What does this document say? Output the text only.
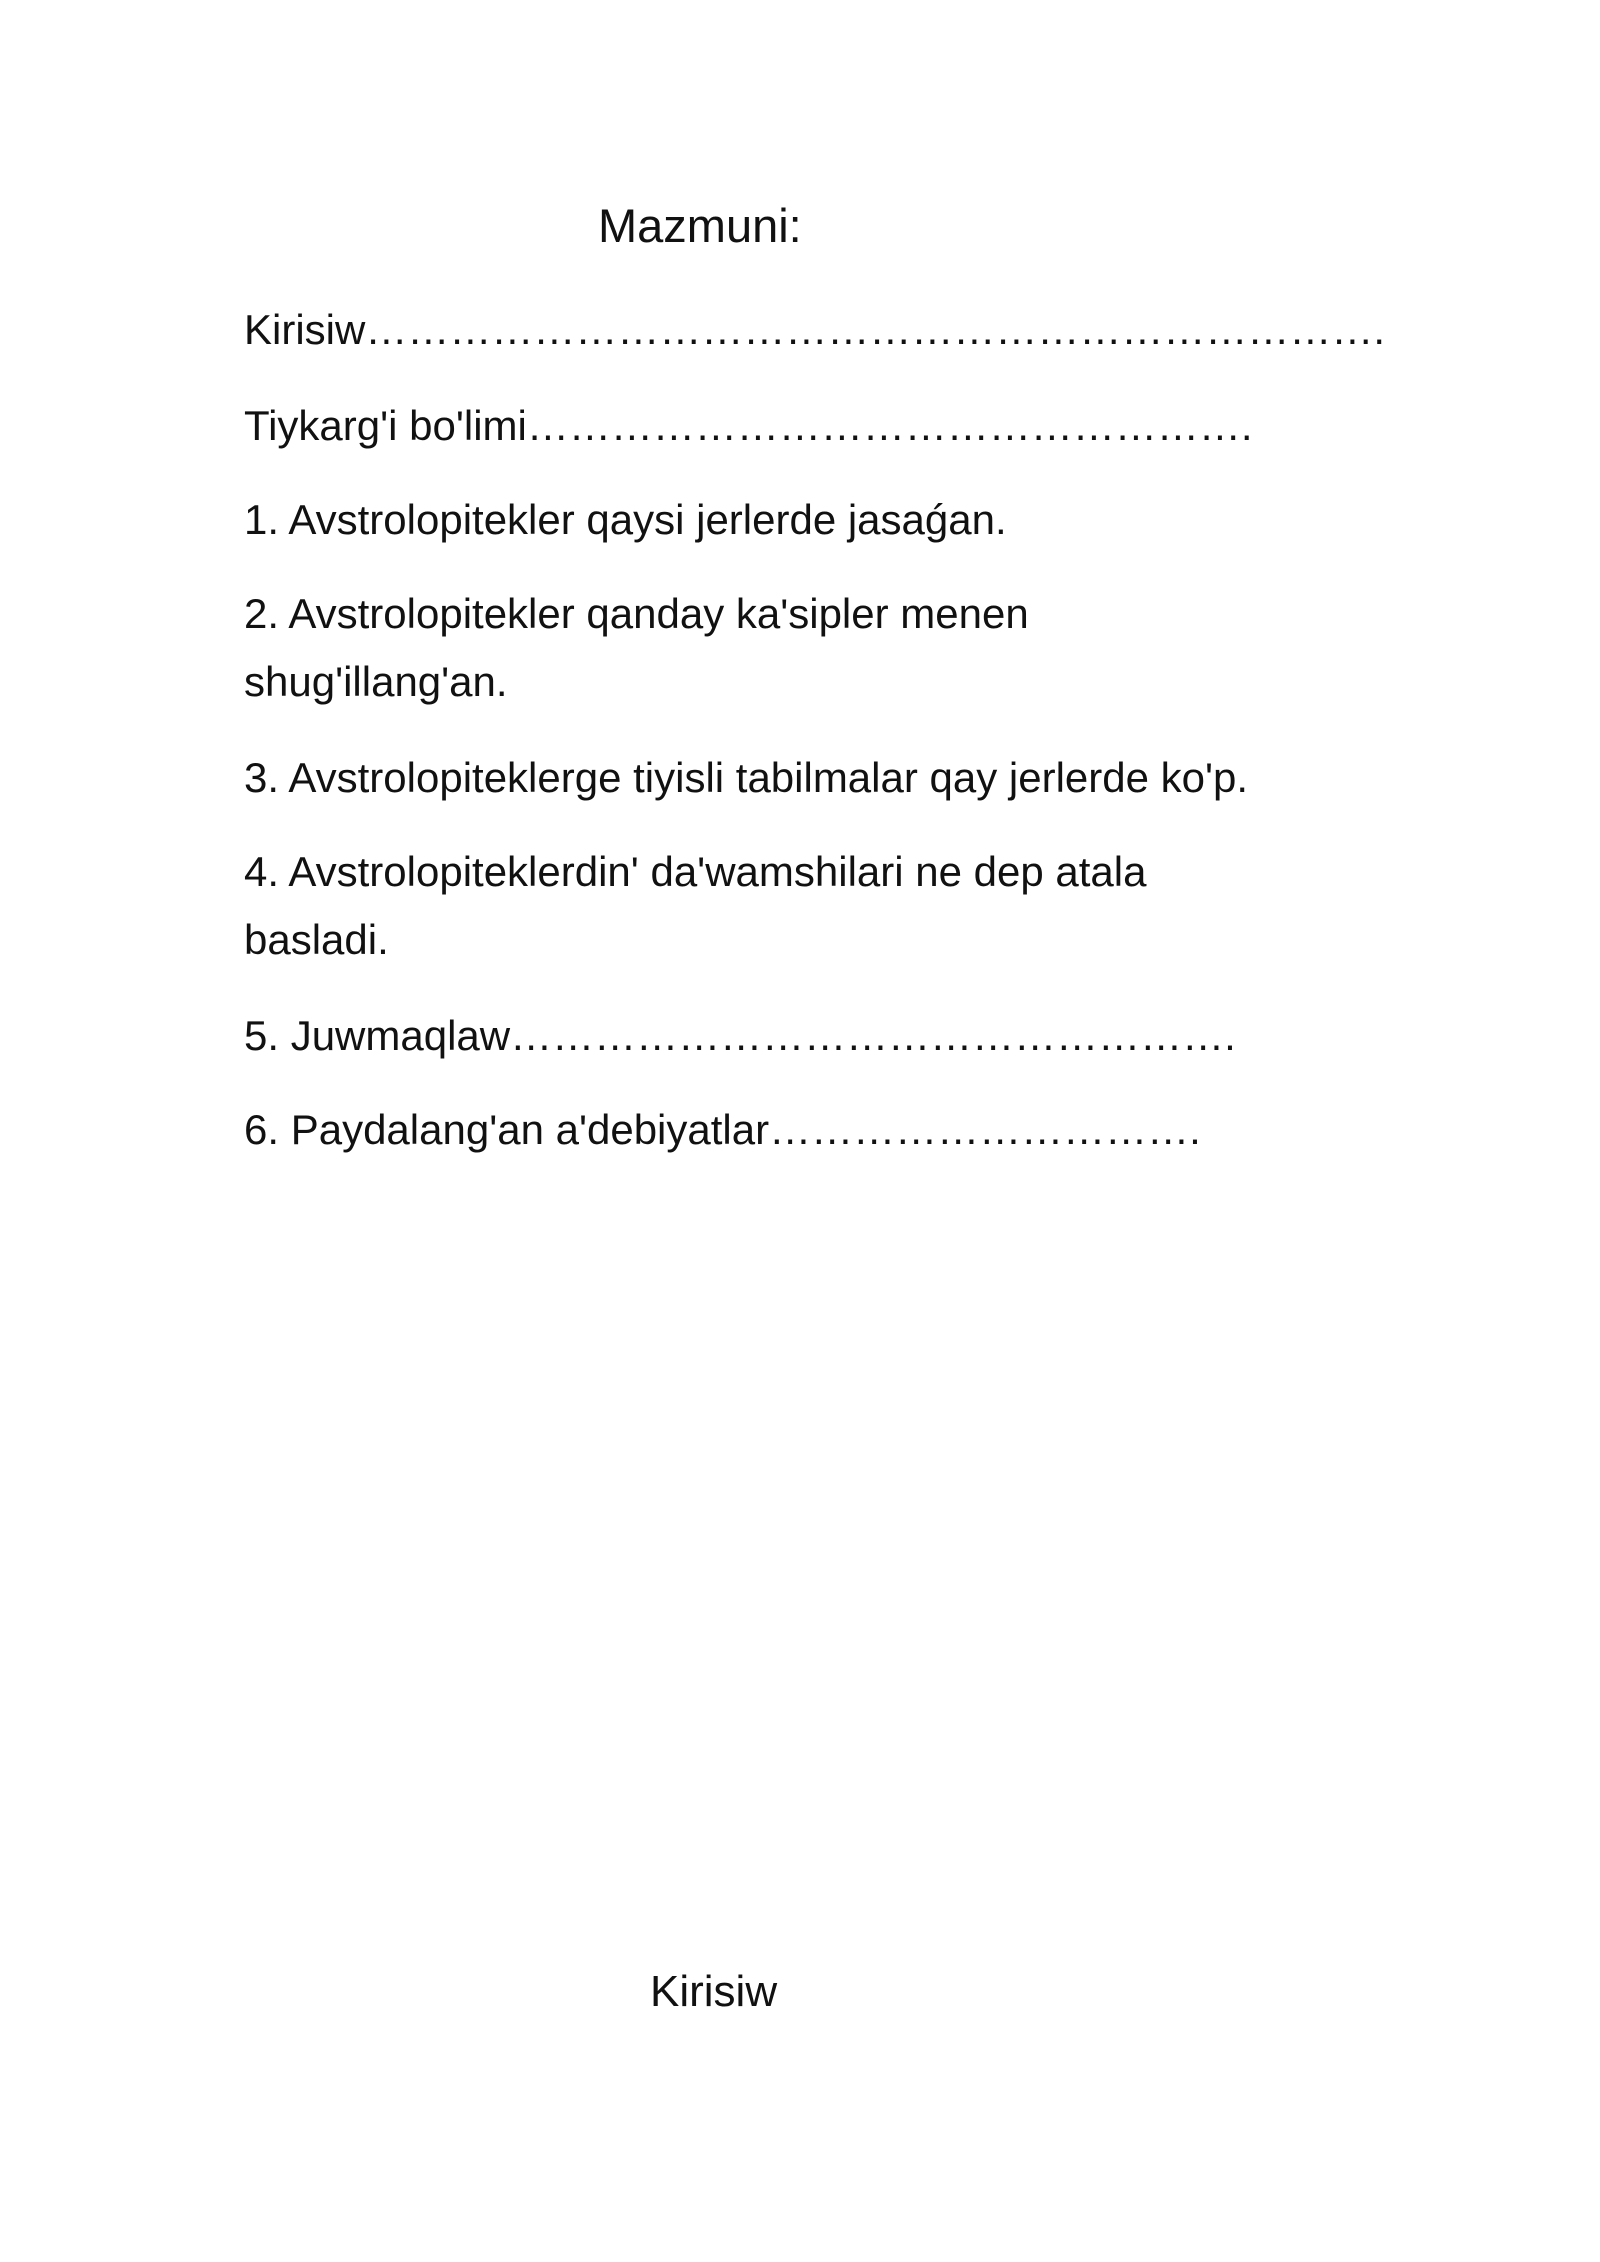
Mazmuni:
Kirisiw……………………………………………………………….
Tiykarg'i bo'limi…………………………………………….
1. Avstrolopitekler qaysi jerlerde jasaǵan.
2. Avstrolopitekler qanday ka'sipler menen
shug'illang'an.
3. Avstrolopiteklerge tiyisli tabilmalar qay jerlerde ko'p.
4. Avstrolopiteklerdin' da'wamshilari ne dep atala
basladi.
5. Juwmaqlaw…………………………………………….
6. Paydalang'an a'debiyatlar………………………….
Kirisiw
